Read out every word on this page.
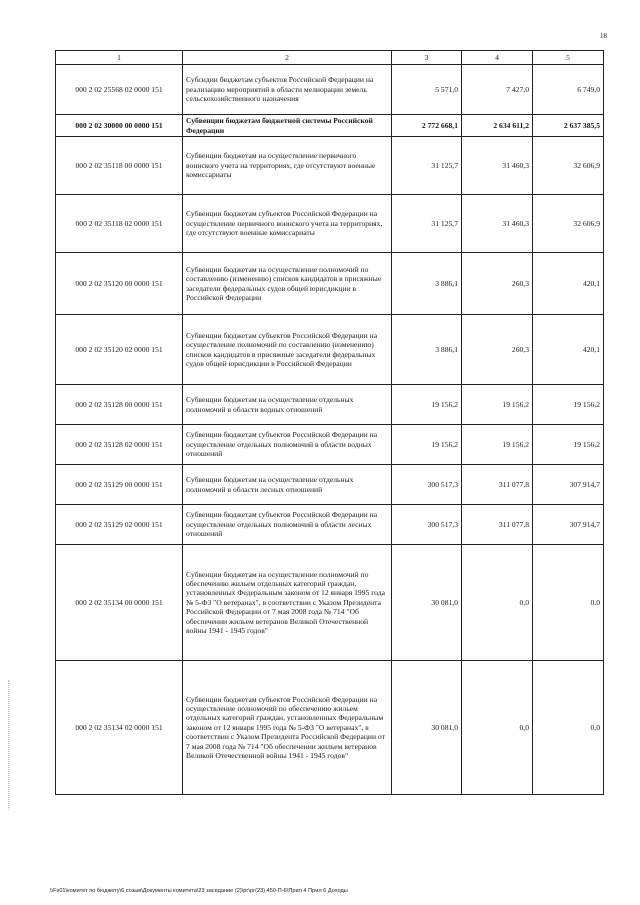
18
1	2	3	4	5
000 2 02 25568 02 0000 151	Субсидии бюджетам субъектов Российской Федерации на реализацию мероприятий в области мелиорации земель сельскохозяйственного назначения	5 571,0	7 427,0	6 749,0
000 2 02 30000 00 0000 151	Субвенции бюджетам бюджетной системы Российской Федерации	2 772 668,1	2 634 611,2	2 637 385,5
000 2 02 35118 00 0000 151	Субвенции бюджетам на осуществление первичного воинского учета на территориях, где отсутствуют военные комиссариаты	31 125,7	31 460,3	32 606,9
000 2 02 35118 02 0000 151	Субвенции бюджетам субъектов Российской Федерации на осуществление первичного воинского учета на территориях, где отсутствуют военные комиссариаты	31 125,7	31 460,3	32 606,9
000 2 02 35120 00 0000 151	Субвенции бюджетам на осуществление полномочий по составлению (изменению) списков кандидатов в присяжные заседатели федеральных судов общей юрисдикции в Российской Федерации	3 886,1	260,3	420,1
000 2 02 35120 02 0000 151	Субвенции бюджетам субъектов Российской Федерации на осуществление полномочий по составлению (изменению) списков кандидатов в присяжные заседатели федеральных судов общей юрисдикции в Российской Федерации	3 886,1	260,3	420,1
000 2 02 35128 00 0000 151	Субвенции бюджетам на осуществление отдельных полномочий в области водных отношений	19 156,2	19 156,2	19 156,2
000 2 02 35128 02 0000 151	Субвенции бюджетам субъектов Российской Федерации на осуществление отдельных полномочий в области водных отношений	19 156,2	19 156,2	19 156,2
000 2 02 35129 00 0000 151	Субвенции бюджетам на осуществление отдельных полномочий в области лесных отношений	300 517,3	311 077,8	307 914,7
000 2 02 35129 02 0000 151	Субвенции бюджетам субъектов Российской Федерации на осуществление отдельных полномочий в области лесных отношений	300 517,3	311 077,8	307 914,7
000 2 02 35134 00 0000 151	Субвенции бюджетам на осуществление полномочий по обеспечению жильем отдельных категорий граждан, установленных Федеральным законом от 12 января 1995 года № 5-ФЗ "О ветеранах", в соответствии с Указом Президента Российской Федерации от 7 мая 2008 года № 714 "Об обеспечении жильем ветеранов Великой Отечественной войны 1941 - 1945 годов"	30 081,0	0,0	0,0
000 2 02 35134 02 0000 151	Субвенции бюджетам субъектов Российской Федерации на осуществление полномочий по обеспечению жильем отдельных категорий граждан, установленных Федеральным законом от 12 января 1995 года № 5-ФЗ "О ветеранах", в соответствии с Указом Президента Российской Федерации от 7 мая 2008 года № 714 "Об обеспечении жильем ветеранов Великой Отечественной войны 1941 - 1945 годов"	30 081,0	0,0	0,0
\\Fs01\комитет по бюджету\6 созыв\Документы комитета\23 заседание (2)\рг\рг(23) 450-П-6\Прил 4 Прил 6 Доходы
